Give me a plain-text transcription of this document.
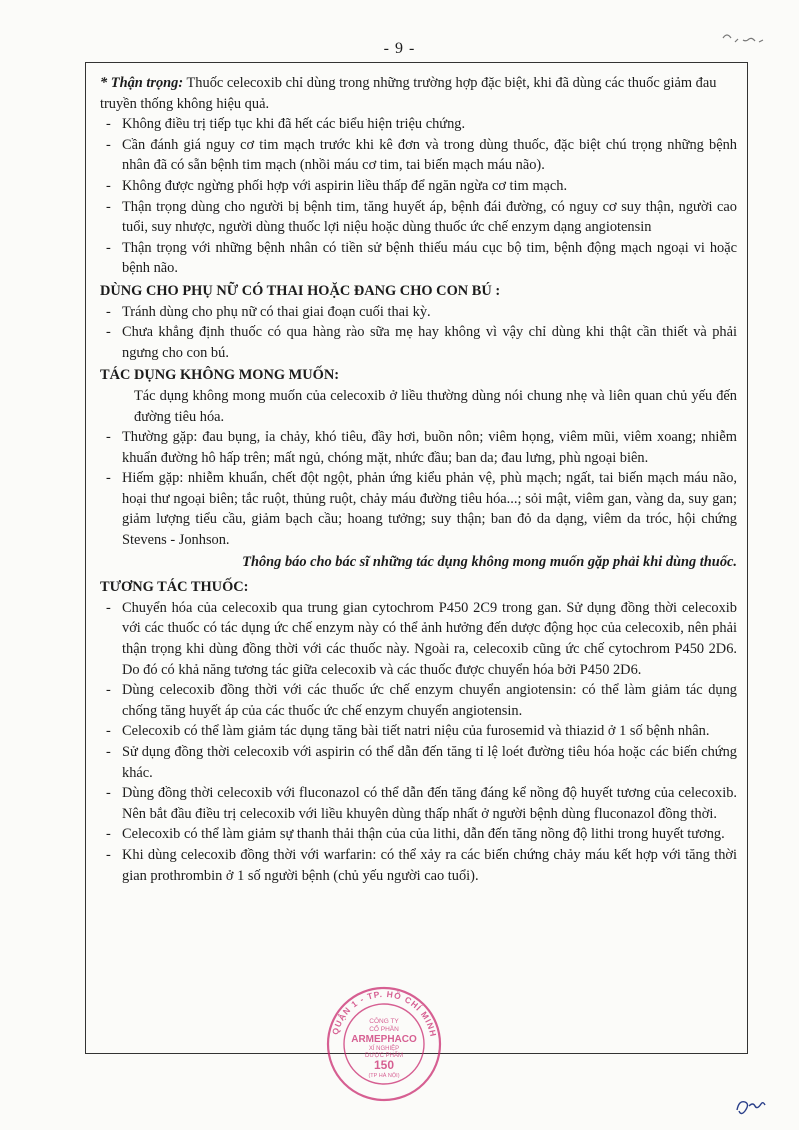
- 9 -

* Thận trọng: Thuốc celecoxib chỉ dùng trong những trường hợp đặc biệt, khi đã dùng các thuốc giảm đau truyền thống không hiệu quả.

- Không điều trị tiếp tục khi đã hết các biểu hiện triệu chứng.

- Cần đánh giá nguy cơ tim mạch trước khi kê đơn và trong dùng thuốc, đặc biệt chú trọng những bệnh nhân đã có sẵn bệnh tim mạch (nhồi máu cơ tim, tai biến mạch máu não).

- Không được ngừng phối hợp với aspirin liều thấp để ngăn ngừa cơ tim mạch.

- Thận trọng dùng cho người bị bệnh tim, tăng huyết áp, bệnh đái đường, có nguy cơ suy thận, người cao tuổi, suy nhược, người dùng thuốc lợi niệu hoặc dùng thuốc ức chế enzym dạng angiotensin

- Thận trọng với những bệnh nhân có tiền sử bệnh thiếu máu cục bộ tim, bệnh động mạch ngoại vi hoặc bệnh não.

DÙNG CHO PHỤ NỮ CÓ THAI HOẶC ĐANG CHO CON BÚ :

- Tránh dùng cho phụ nữ có thai giai đoạn cuối thai kỳ.

- Chưa khẳng định thuốc có qua hàng rào sữa mẹ hay không vì vậy chỉ dùng khi thật cần thiết và phải ngưng cho con bú.

TÁC DỤNG KHÔNG MONG MUỐN:

Tác dụng không mong muốn của celecoxib ở liều thường dùng nói chung nhẹ và liên quan chủ yếu đến đường tiêu hóa.

- Thường gặp: đau bụng, ỉa chảy, khó tiêu, đầy hơi, buồn nôn; viêm họng, viêm mũi, viêm xoang; nhiễm khuẩn đường hô hấp trên; mất ngủ, chóng mặt, nhức đầu; ban da; đau lưng, phù ngoại biên.

- Hiếm gặp: nhiễm khuẩn, chết đột ngột, phản ứng kiểu phản vệ, phù mạch; ngất, tai biến mạch máu não, hoại thư ngoại biên; tắc ruột, thủng ruột, chảy máu đường tiêu hóa...; sỏi mật, viêm gan, vàng da, suy gan; giảm lượng tiểu cầu, giảm bạch cầu; hoang tưởng; suy thận; ban đỏ da dạng, viêm da tróc, hội chứng Stevens - Jonhson.

Thông báo cho bác sĩ những tác dụng không mong muốn gặp phải khi dùng thuốc.

TƯƠNG TÁC THUỐC:

- Chuyển hóa của celecoxib qua trung gian cytochrom P450 2C9 trong gan. Sử dụng đồng thời celecoxib với các thuốc có tác dụng ức chế enzym này có thể ảnh hưởng đến dược động học của celecoxib, nên phải thận trọng khi dùng đồng thời với các thuốc này. Ngoài ra, celecoxib cũng ức chế cytochrom P450 2D6. Do đó có khả năng tương tác giữa celecoxib và các thuốc được chuyển hóa bởi P450 2D6.

- Dùng celecoxib đồng thời với các thuốc ức chế enzym chuyển angiotensin: có thể làm giảm tác dụng chống tăng huyết áp của các thuốc ức chế enzym chuyển angiotensin.

- Celecoxib có thể làm giảm tác dụng tăng bài tiết natri niệu của furosemid và thiazid ở 1 số bệnh nhân.

- Sử dụng đồng thời celecoxib với aspirin có thể dẫn đến tăng tỉ lệ loét đường tiêu hóa hoặc các biến chứng khác.

- Dùng đồng thời celecoxib với fluconazol có thể dẫn đến tăng đáng kể nồng độ huyết tương của celecoxib. Nên bắt đầu điều trị celecoxib với liều khuyên dùng thấp nhất ở người bệnh dùng fluconazol đồng thời.

- Celecoxib có thể làm giảm sự thanh thải thận của của lithi, dẫn đến tăng nồng độ lithi trong huyết tương.

- Khi dùng celecoxib đồng thời với warfarin: có thể xảy ra các biến chứng chảy máu kết hợp với tăng thời gian prothrombin ở 1 số người bệnh (chủ yếu người cao tuổi).

QUẬN 1 - TP. HỒ CHÍ MINH
CÔNG TY
CỔ PHẦN
ARMEPHACO
XÍ NGHIỆP
DƯỢC PHẨM
150
(TP HÀ NỘI)
